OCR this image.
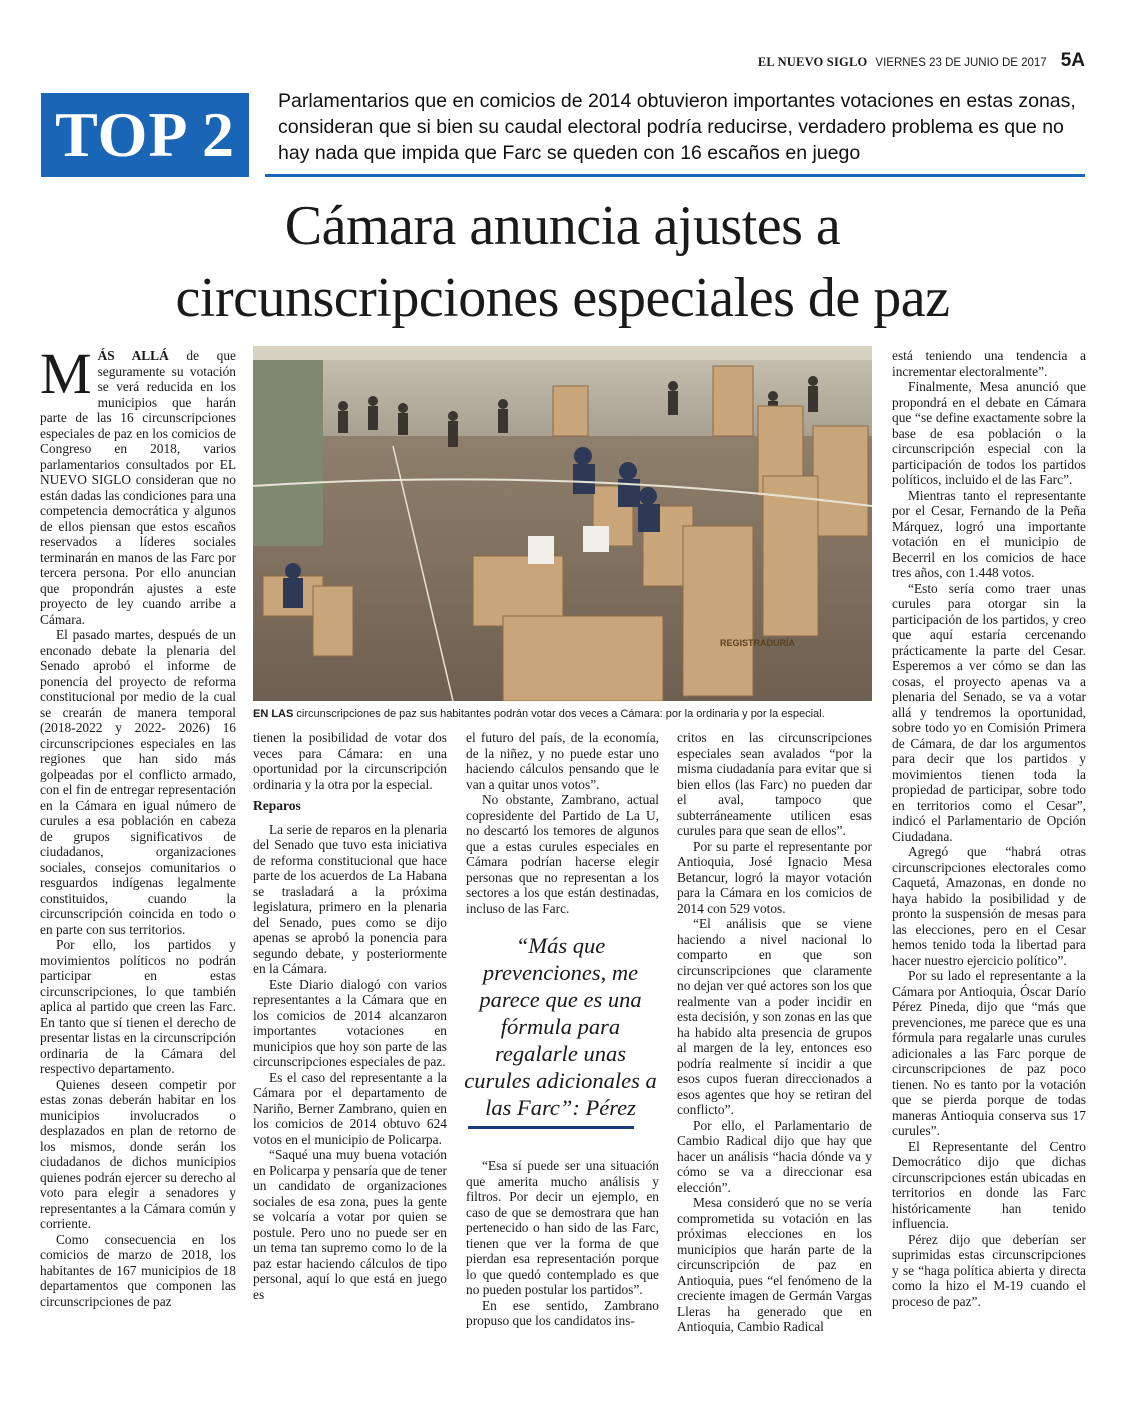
EL NUEVO SIGLO VIERNES 23 DE JUNIO DE 2017 5A
TOP 2 Parlamentarios que en comicios de 2014 obtuvieron importantes votaciones en estas zonas, consideran que si bien su caudal electoral podría reducirse, verdadero problema es que no hay nada que impida que Farc se queden con 16 escaños en juego
Cámara anuncia ajustes a
circunscripciones especiales de paz

MÁS ALLÁ de que seguramente su votación se verá reducida en los municipios que harán parte de las 16 circunscripciones especiales de paz en los comicios de Congreso en 2018, varios parlamentarios consultados por EL NUEVO SIGLO consideran que no están dadas las condiciones para una competencia democrática y algunos de ellos piensan que estos escaños reservados a líderes sociales terminarán en manos de las Farc por tercera persona. Por ello anuncian que propondrán ajustes a este proyecto de ley cuando arribe a Cámara.

El pasado martes, después de un enconado debate la plenaria del Senado aprobó el informe de ponencia del proyecto de reforma constitucional por medio de la cual se crearán de manera temporal (2018-2022 y 2022- 2026) 16 circunscripciones especiales en las regiones que han sido más golpeadas por el conflicto armado, con el fin de entregar representación en la Cámara en igual número de curules a esa población en cabeza de grupos significativos de ciudadanos, organizaciones sociales, consejos comunitarios o resguardos indígenas legalmente constituidos, cuando la circunscripción coincida en todo o en parte con sus territorios.

Por ello, los partidos y movimientos políticos no podrán participar en estas circunscripciones, lo que también aplica al partido que creen las Farc. En tanto que sí tienen el derecho de presentar listas en la circunscripción ordinaria de la Cámara del respectivo departamento.

Quienes deseen competir por estas zonas deberán habitar en los municipios involucrados o desplazados en plan de retorno de los mismos, donde serán los ciudadanos de dichos municipios quienes podrán ejercer su derecho al voto para elegir a senadores y representantes a la Cámara común y corriente.

Como consecuencia en los comicios de marzo de 2018, los habitantes de 167 municipios de 18 departamentos que componen las circunscripciones de paz

REGISTRADURÍA
EN LAS circunscripciones de paz sus habitantes podrán votar dos veces a Cámara: por la ordinaria y por la especial.

tienen la posibilidad de votar dos veces para Cámara: en una oportunidad por la circunscripción ordinaria y la otra por la especial.

Reparos

La serie de reparos en la plenaria del Senado que tuvo esta iniciativa de reforma constitucional que hace parte de los acuerdos de La Habana se trasladará a la próxima legislatura, primero en la plenaria del Senado, pues como se dijo apenas se aprobó la ponencia para segundo debate, y posteriormente en la Cámara.

Este Diario dialogó con varios representantes a la Cámara que en los comicios de 2014 alcanzaron importantes votaciones en municipios que hoy son parte de las circunscripciones especiales de paz.

Es el caso del representante a la Cámara por el departamento de Nariño, Berner Zambrano, quien en los comicios de 2014 obtuvo 624 votos en el municipio de Policarpa.

“Saqué una muy buena votación en Policarpa y pensaría que de tener un candidato de organizaciones sociales de esa zona, pues la gente se volcaría a votar por quien se postule. Pero uno no puede ser en un tema tan supremo como lo de la paz estar haciendo cálculos de tipo personal, aquí lo que está en juego es

el futuro del país, de la economía, de la niñez, y no puede estar uno haciendo cálculos pensando que le van a quitar unos votos”.

No obstante, Zambrano, actual copresidente del Partido de La U, no descartó los temores de algunos que a estas curules especiales en Cámara podrían hacerse elegir personas que no representan a los sectores a los que están destinadas, incluso de las Farc.

“Más que prevenciones, me parece que es una fórmula para regalarle unas curules adicionales a las Farc”: Pérez

“Esa sí puede ser una situación que amerita mucho análisis y filtros. Por decir un ejemplo, en caso de que se demostrara que han pertenecido o han sido de las Farc, tienen que ver la forma de que pierdan esa representación porque lo que quedó contemplado es que no pueden postular los partidos”.

En ese sentido, Zambrano propuso que los candidatos ins-

critos en las circunscripciones especiales sean avalados “por la misma ciudadanía para evitar que si bien ellos (las Farc) no pueden dar el aval, tampoco que subterráneamente utilicen esas curules para que sean de ellos”.

Por su parte el representante por Antioquia, José Ignacio Mesa Betancur, logró la mayor votación para la Cámara en los comicios de 2014 con 529 votos.

“El análisis que se viene haciendo a nivel nacional lo comparto en que son circunscripciones que claramente no dejan ver qué actores son los que realmente van a poder incidir en esta decisión, y son zonas en las que ha habido alta presencia de grupos al margen de la ley, entonces eso podría realmente sí incidir a que esos cupos fueran direccionados a esos agentes que hoy se retiran del conflicto”.

Por ello, el Parlamentario de Cambio Radical dijo que hay que hacer un análisis “hacia dónde va y cómo se va a direccionar esa elección”.

Mesa consideró que no se vería comprometida su votación en las próximas elecciones en los municipios que harán parte de la circunscripción de paz en Antioquia, pues “el fenómeno de la creciente imagen de Germán Vargas Lleras ha generado que en Antioquia, Cambio Radical

está teniendo una tendencia a incrementar electoralmente”.

Finalmente, Mesa anunció que propondrá en el debate en Cámara que “se define exactamente sobre la base de esa población o la circunscripción especial con la participación de todos los partidos políticos, incluido el de las Farc”.

Mientras tanto el representante por el Cesar, Fernando de la Peña Márquez, logró una importante votación en el municipio de Becerril en los comicios de hace tres años, con 1.448 votos.

“Esto sería como traer unas curules para otorgar sin la participación de los partidos, y creo que aquí estaría cercenando prácticamente la parte del Cesar. Esperemos a ver cómo se dan las cosas, el proyecto apenas va a plenaria del Senado, se va a votar allá y tendremos la oportunidad, sobre todo yo en Comisión Primera de Cámara, de dar los argumentos para decir que los partidos y movimientos tienen toda la propiedad de participar, sobre todo en territorios como el Cesar”, indicó el Parlamentario de Opción Ciudadana.

Agregó que “habrá otras circunscripciones electorales como Caquetá, Amazonas, en donde no haya habido la posibilidad y de pronto la suspensión de mesas para las elecciones, pero en el Cesar hemos tenido toda la libertad para hacer nuestro ejercicio político”.

Por su lado el representante a la Cámara por Antioquia, Óscar Darío Pérez Pineda, dijo que “más que prevenciones, me parece que es una fórmula para regalarle unas curules adicionales a las Farc porque de circunscripciones de paz poco tienen. No es tanto por la votación que se pierda porque de todas maneras Antioquia conserva sus 17 curules”.

El Representante del Centro Democrático dijo que dichas circunscripciones están ubicadas en territorios en donde las Farc históricamente han tenido influencia.

Pérez dijo que deberían ser suprimidas estas circunscripciones y se “haga política abierta y directa como la hizo el M-19 cuando el proceso de paz”.
